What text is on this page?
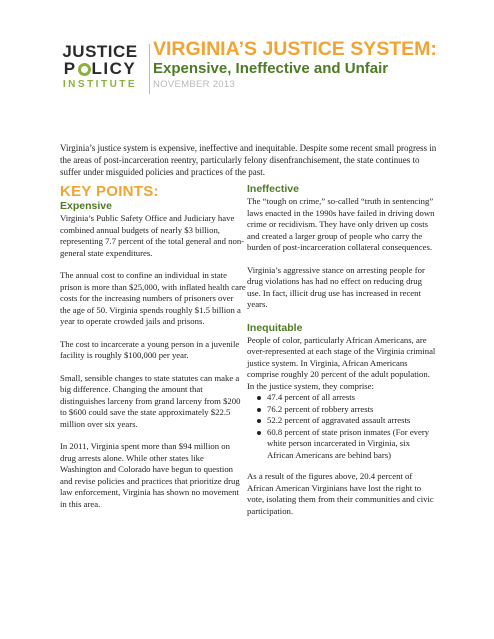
JUSTICE
P LICY
INSTITUTE
VIRGINIA’S JUSTICE SYSTEM:
Expensive, Ineffective and Unfair
NOVEMBER 2013
Virginia’s justice system is expensive, ineffective and inequitable. Despite some recent small progress in the areas of post-incarceration reentry, particularly felony disenfranchisement, the state continues to suffer under misguided policies and practices of the past.
KEY POINTS:
Expensive

Virginia’s Public Safety Office and Judiciary have combined annual budgets of nearly $3 billion, representing 7.7 percent of the total general and non-general state expenditures.

The annual cost to confine an individual in state prison is more than $25,000, with inflated health care costs for the increasing numbers of prisoners over the age of 50. Virginia spends roughly $1.5 billion a year to operate crowded jails and prisons.

The cost to incarcerate a young person in a juvenile facility is roughly $100,000 per year.

Small, sensible changes to state statutes can make a big difference. Changing the amount that distinguishes larceny from grand larceny from $200 to $600 could save the state approximately $22.5 million over six years.

In 2011, Virginia spent more than $94 million on drug arrests alone. While other states like Washington and Colorado have begun to question and revise policies and practices that prioritize drug law enforcement, Virginia has shown no movement in this area.

Ineffective

The “tough on crime,” so-called “truth in sentencing” laws enacted in the 1990s have failed in driving down crime or recidivism. They have only driven up costs and created a larger group of people who carry the burden of post-incarceration collateral consequences.

Virginia’s aggressive stance on arresting people for drug violations has had no effect on reducing drug use. In fact, illicit drug use has increased in recent years.

Inequitable

People of color, particularly African Americans, are over-represented at each stage of the Virginia criminal justice system. In Virginia, African Americans comprise roughly 20 percent of the adult population. In the justice system, they comprise:

47.4 percent of all arrests
76.2 percent of robbery arrests
52.2 percent of aggravated assault arrests
60.8 percent of state prison inmates (For every white person incarcerated in Virginia, six African Americans are behind bars)

As a result of the figures above, 20.4 percent of African American Virginians have lost the right to vote, isolating them from their communities and civic participation.
